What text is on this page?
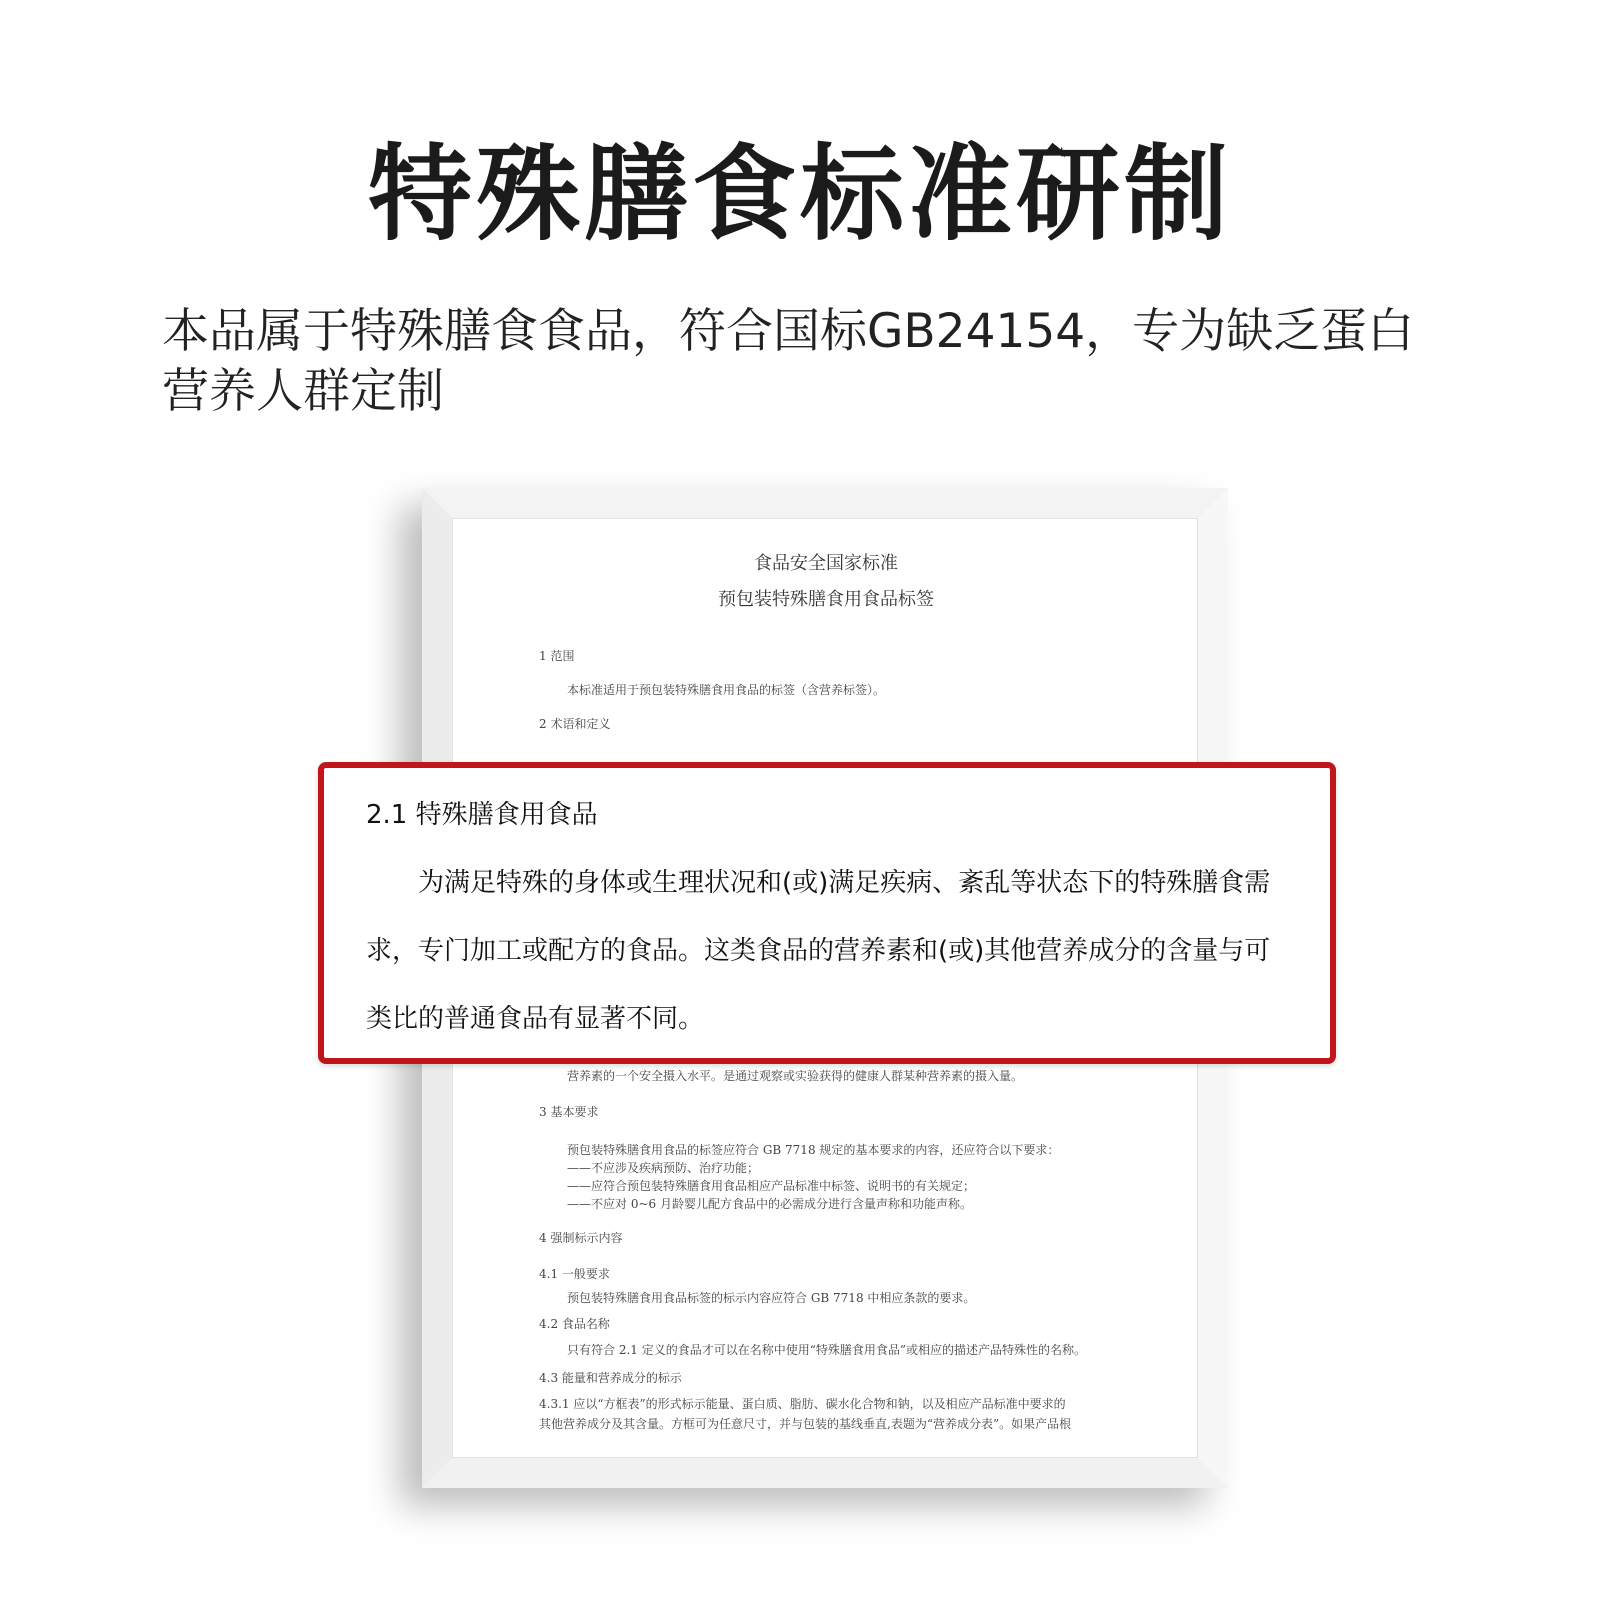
特殊膳食标准研制
本品属于特殊膳食食品，符合国标GB24154，专为缺乏蛋白营养人群定制
食品安全国家标准
预包装特殊膳食用食品标签
1 范围
本标准适用于预包装特殊膳食用食品的标签（含营养标签）。
2 术语和定义
营养素的一个安全摄入水平。是通过观察或实验获得的健康人群某种营养素的摄入量。
3 基本要求
预包装特殊膳食用食品的标签应符合 GB 7718 规定的基本要求的内容，还应符合以下要求：
——不应涉及疾病预防、治疗功能；
——应符合预包装特殊膳食用食品相应产品标准中标签、说明书的有关规定；
——不应对 0~6 月龄婴儿配方食品中的必需成分进行含量声称和功能声称。
4 强制标示内容
4.1 一般要求
预包装特殊膳食用食品标签的标示内容应符合 GB 7718 中相应条款的要求。
4.2 食品名称
只有符合 2.1 定义的食品才可以在名称中使用“特殊膳食用食品”或相应的描述产品特殊性的名称。
4.3 能量和营养成分的标示
4.3.1 应以“方框表”的形式标示能量、蛋白质、脂肪、碳水化合物和钠，以及相应产品标准中要求的
其他营养成分及其含量。方框可为任意尺寸，并与包装的基线垂直,表题为“营养成分表”。如果产品根
2.1 特殊膳食用食品
为满足特殊的身体或生理状况和(或)满足疾病、紊乱等状态下的特殊膳食需
求，专门加工或配方的食品。这类食品的营养素和(或)其他营养成分的含量与可
类比的普通食品有显著不同。
